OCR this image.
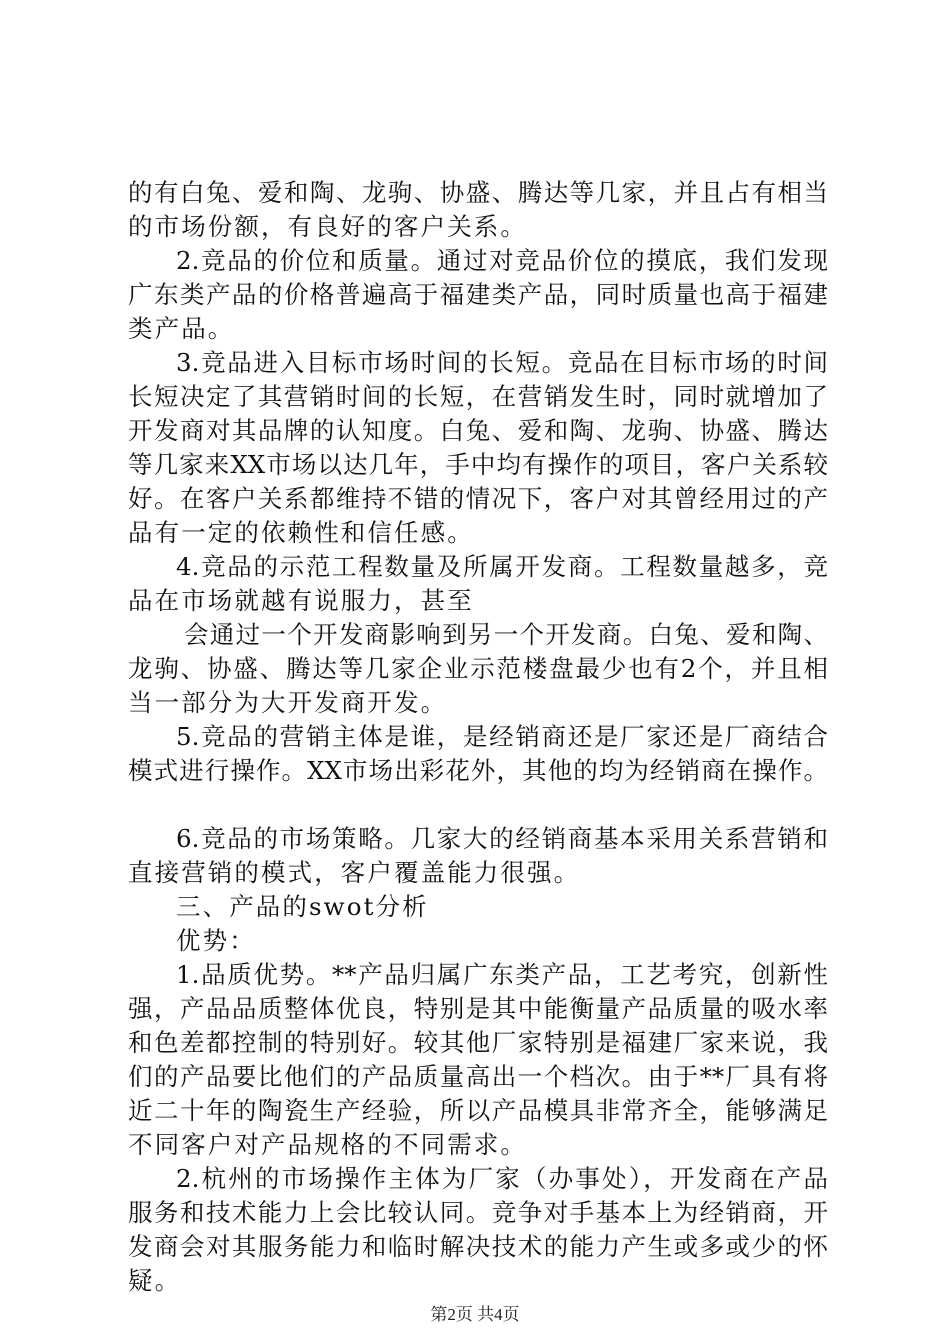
的有白兔、爱和陶、龙驹、协盛、腾达等几家，并且占有相当
的市场份额，有良好的客户关系。
2.竞品的价位和质量。通过对竞品价位的摸底，我们发现
广东类产品的价格普遍高于福建类产品，同时质量也高于福建
类产品。
3.竞品进入目标市场时间的长短。竞品在目标市场的时间
长短决定了其营销时间的长短，在营销发生时，同时就增加了
开发商对其品牌的认知度。白兔、爱和陶、龙驹、协盛、腾达
等几家来XX市场以达几年，手中均有操作的项目，客户关系较
好。在客户关系都维持不错的情况下，客户对其曾经用过的产
品有一定的依赖性和信任感。
4.竞品的示范工程数量及所属开发商。工程数量越多，竞
品在市场就越有说服力，甚至
会通过一个开发商影响到另一个开发商。白兔、爱和陶、
龙驹、协盛、腾达等几家企业示范楼盘最少也有2个，并且相
当一部分为大开发商开发。
5.竞品的营销主体是谁，是经销商还是厂家还是厂商结合
模式进行操作。XX市场出彩花外，其他的均为经销商在操作。
6.竞品的市场策略。几家大的经销商基本采用关系营销和
直接营销的模式，客户覆盖能力很强。
三、产品的swot分析
优势：
1.品质优势。**产品归属广东类产品，工艺考究，创新性
强，产品品质整体优良，特别是其中能衡量产品质量的吸水率
和色差都控制的特别好。较其他厂家特别是福建厂家来说，我
们的产品要比他们的产品质量高出一个档次。由于**厂具有将
近二十年的陶瓷生产经验，所以产品模具非常齐全，能够满足
不同客户对产品规格的不同需求。
2.杭州的市场操作主体为厂家（办事处），开发商在产品
服务和技术能力上会比较认同。竞争对手基本上为经销商，开
第2页 共4页
发商会对其服务能力和临时解决技术的能力产生或多或少的怀
疑。
